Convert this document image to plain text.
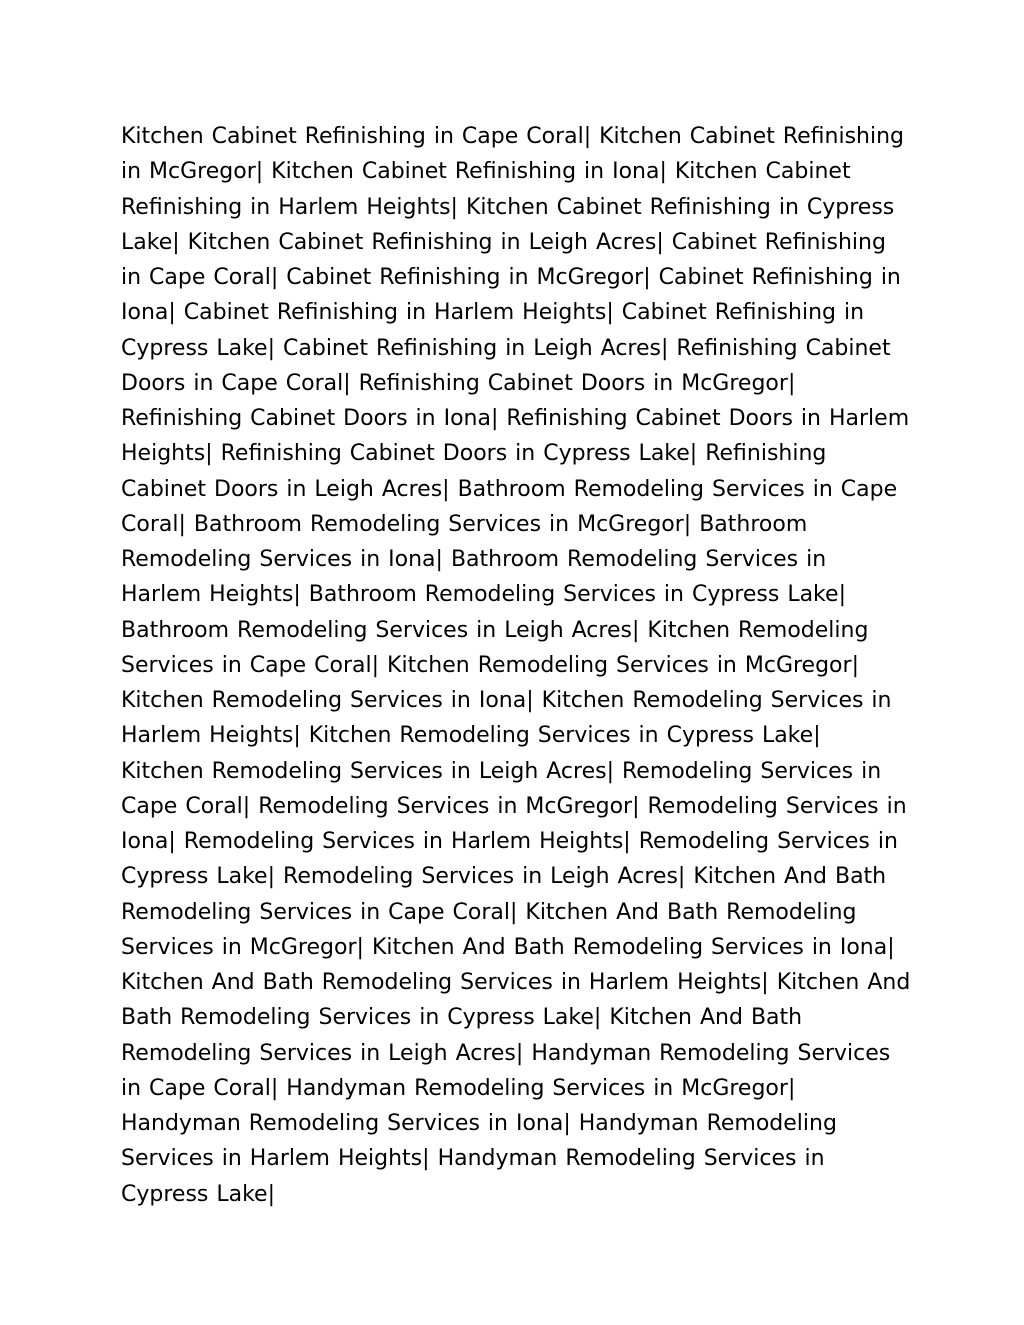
Kitchen Cabinet Refinishing in Cape Coral| Kitchen Cabinet Refinishing in McGregor| Kitchen Cabinet Refinishing in Iona| Kitchen Cabinet Refinishing in Harlem Heights| Kitchen Cabinet Refinishing in Cypress Lake| Kitchen Cabinet Refinishing in Leigh Acres| Cabinet Refinishing in Cape Coral| Cabinet Refinishing in McGregor| Cabinet Refinishing in Iona| Cabinet Refinishing in Harlem Heights| Cabinet Refinishing in Cypress Lake| Cabinet Refinishing in Leigh Acres| Refinishing Cabinet Doors in Cape Coral| Refinishing Cabinet Doors in McGregor| Refinishing Cabinet Doors in Iona| Refinishing Cabinet Doors in Harlem Heights| Refinishing Cabinet Doors in Cypress Lake| Refinishing Cabinet Doors in Leigh Acres| Bathroom Remodeling Services in Cape Coral| Bathroom Remodeling Services in McGregor| Bathroom Remodeling Services in Iona| Bathroom Remodeling Services in Harlem Heights| Bathroom Remodeling Services in Cypress Lake| Bathroom Remodeling Services in Leigh Acres| Kitchen Remodeling Services in Cape Coral| Kitchen Remodeling Services in McGregor| Kitchen Remodeling Services in Iona| Kitchen Remodeling Services in Harlem Heights| Kitchen Remodeling Services in Cypress Lake| Kitchen Remodeling Services in Leigh Acres| Remodeling Services in Cape Coral| Remodeling Services in McGregor| Remodeling Services in Iona| Remodeling Services in Harlem Heights| Remodeling Services in Cypress Lake| Remodeling Services in Leigh Acres| Kitchen And Bath Remodeling Services in Cape Coral| Kitchen And Bath Remodeling Services in McGregor| Kitchen And Bath Remodeling Services in Iona| Kitchen And Bath Remodeling Services in Harlem Heights| Kitchen And Bath Remodeling Services in Cypress Lake| Kitchen And Bath Remodeling Services in Leigh Acres| Handyman Remodeling Services in Cape Coral| Handyman Remodeling Services in McGregor| Handyman Remodeling Services in Iona| Handyman Remodeling Services in Harlem Heights| Handyman Remodeling Services in Cypress Lake|
